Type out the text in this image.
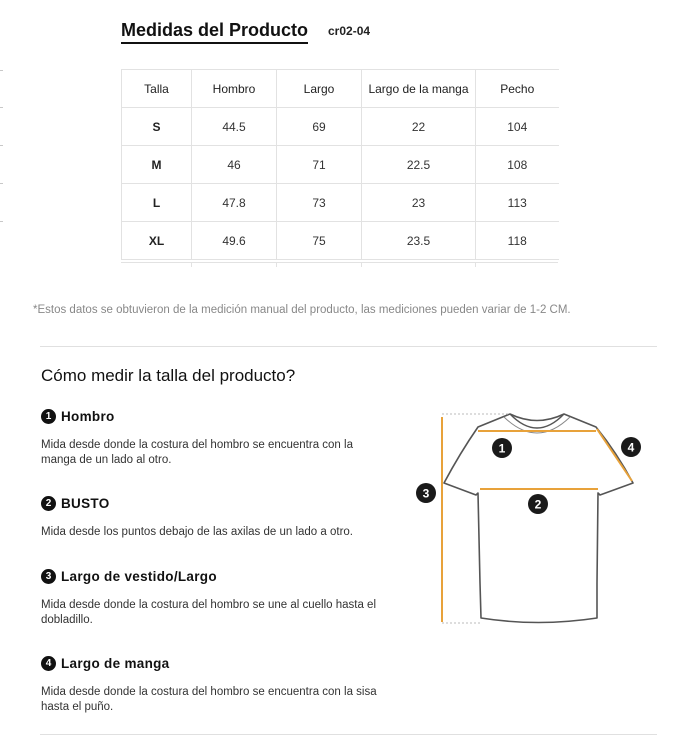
Medidas del Producto cr02-04
Talla	Hombro	Largo	Largo de la manga	Pecho
S	44.5	69	22	104
M	46	71	22.5	108
L	47.8	73	23	113
XL	49.6	75	23.5	118
*Estos datos se obtuvieron de la medición manual del producto, las mediciones pueden variar de 1-2 CM.
Cómo medir la talla del producto?
1 Hombro
Mida desde donde la costura del hombro se encuentra con la manga de un lado al otro.
2 BUSTO
Mida desde los puntos debajo de las axilas de un lado a otro.
3 Largo de vestido/Largo
Mida desde donde la costura del hombro se une al cuello hasta el dobladillo.
4 Largo de manga
Mida desde donde la costura del hombro se encuentra con la sisa hasta el puño.
1
2
3
4
